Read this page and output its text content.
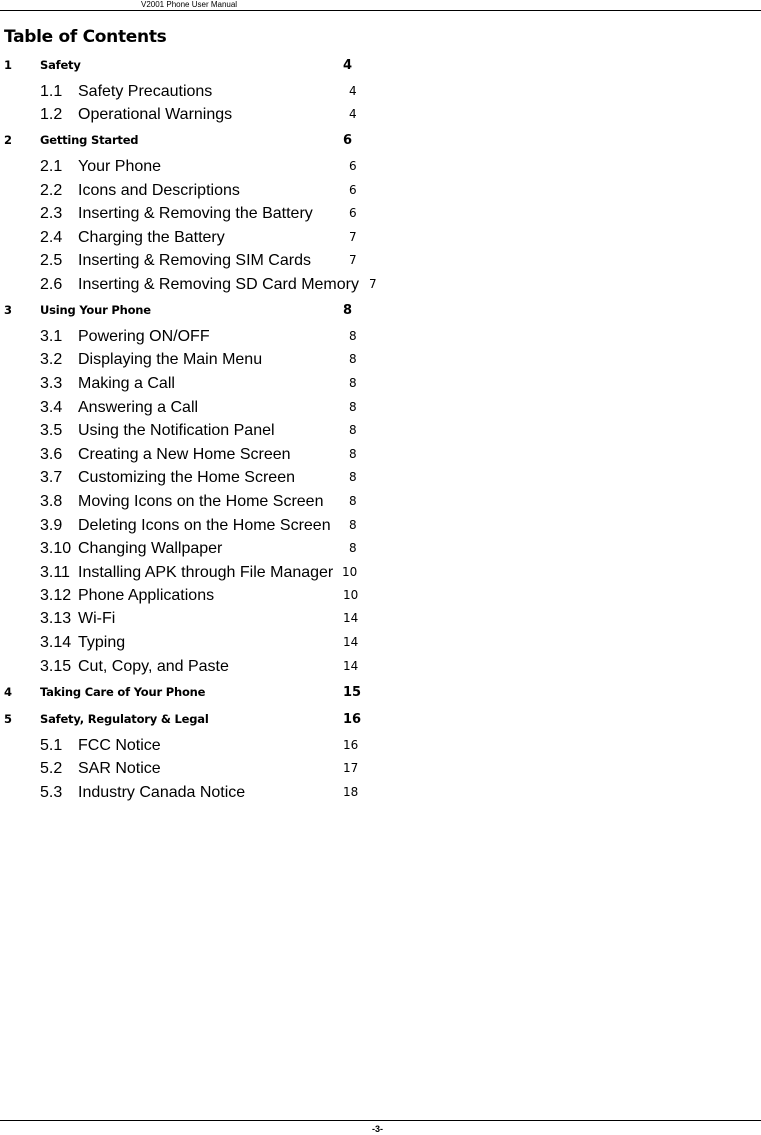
V2001 Phone User Manual
Table of Contents
1 Safety	4
1.1 Safety Precautions	4
1.2 Operational Warnings	4
2 Getting Started	6
2.1 Your Phone	6
2.2 Icons and Descriptions	6
2.3 Inserting & Removing the Battery	6
2.4 Charging the Battery	7
2.5 Inserting & Removing SIM Cards	7
2.6 Inserting & Removing SD Card Memory 7
3 Using Your Phone	8
3.1 Powering ON/OFF	8
3.2 Displaying the Main Menu	8
3.3 Making a Call	8
3.4 Answering a Call	8
3.5 Using the Notification Panel	8
3.6 Creating a New Home Screen	8
3.7 Customizing the Home Screen	8
3.8 Moving Icons on the Home Screen 8
3.9 Deleting Icons on the Home Screen 8
3.10 Changing Wallpaper	8
3.11 Installing APK through File Manager 10
3.12 Phone Applications	10
3.13 Wi-Fi	14
3.14 Typing	14
3.15 Cut, Copy, and Paste	14
4 Taking Care of Your Phone	15
5 Safety, Regulatory & Legal	16
5.1 FCC Notice	16
5.2 SAR Notice	17
5.3 Industry Canada Notice	18
-3-
